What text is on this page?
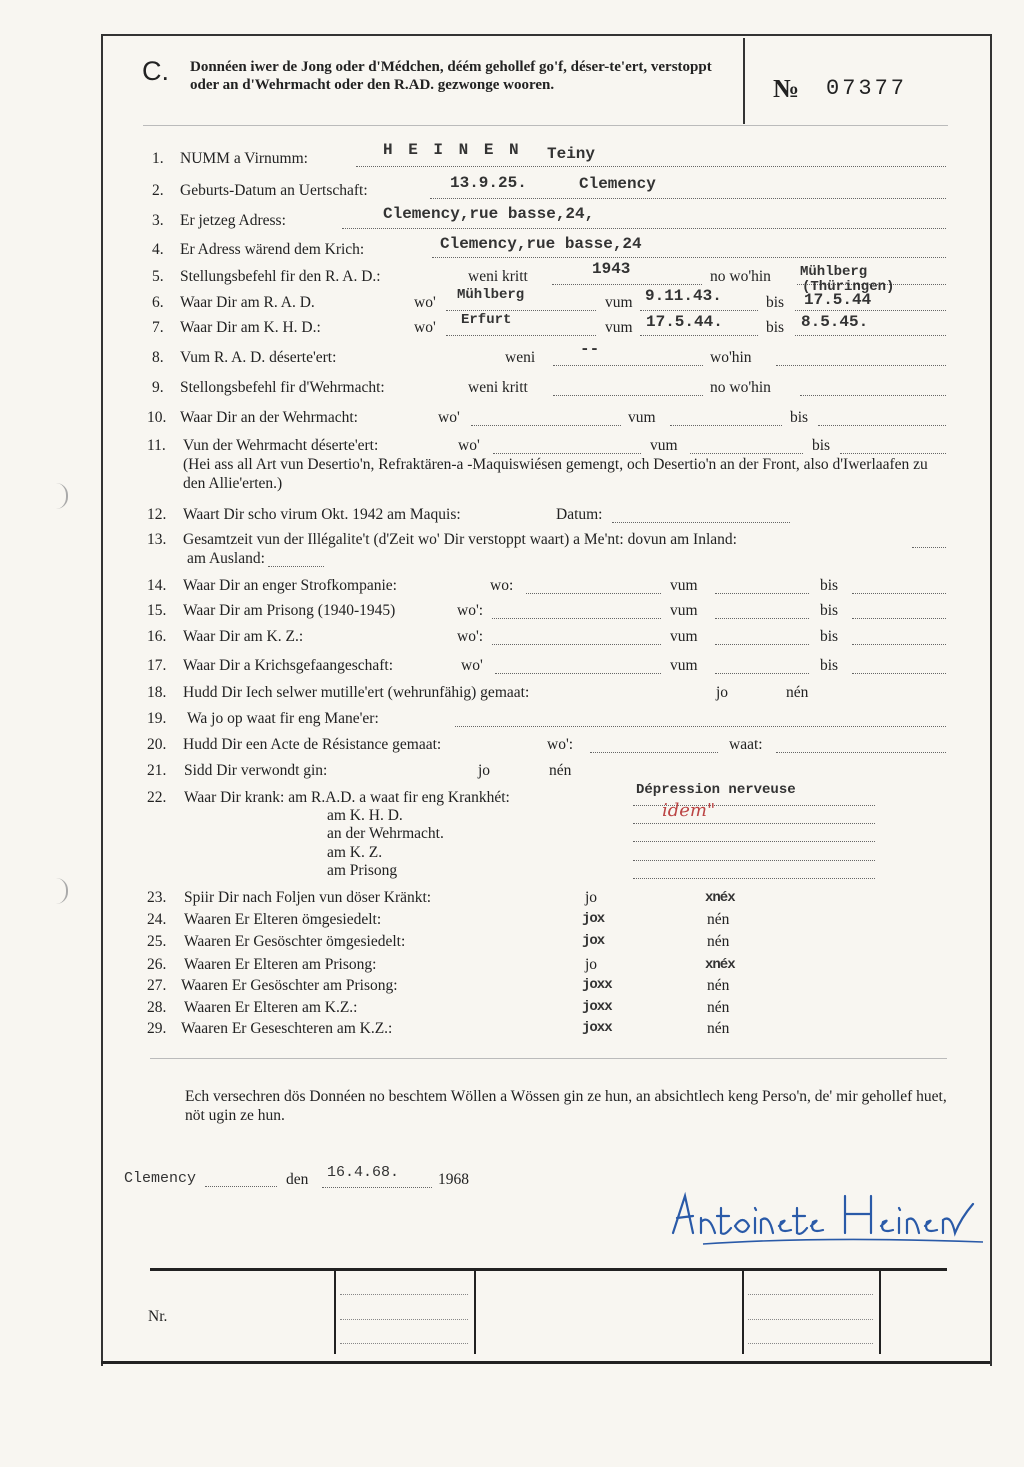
C. Donnéen iwer de Jong oder d'Médchen, déém gehollef go'f, déser-te'ert, verstoppt oder an d'Wehrmacht oder den R.AD. gezwonge wooren.	№ 07377
1. NUMM a Virnumm:	H E I N E N Teiny
2. Geburts-Datum an Uertschaft:	13.9.25.	Clemency
3. Er jetzeg Adress:	Clemency,rue basse,24,
4. Er Adress wärend dem Krich:	Clemency,rue basse,24
5. Stellungsbefehl fir den R. A. D.:	weni kritt	1943	no wo'hin Mühlberg
(Thüringen)
6. Waar Dir am R. A. D.	wo' Mühlberg	vum 9.11.43.	bis 17.5.44
7. Waar Dir am K. H. D.:	wo' Erfurt	vum 17.5.44.	bis 8.5.45.
8. Vum R. A. D. déserte'ert:	weni	--	wo'hin
9. Stellongsbefehl fir d'Wehrmacht:	weni kritt	no wo'hin
10. Waar Dir an der Wehrmacht:	wo'	vum	bis
11. Vun der Wehrmacht déserte'ert:	wo'	vum	bis
(Hei ass all Art vun Desertio'n, Refraktären-a -Maquiswiésen gemengt, och Desertio'n an der Front, also d'Iwerlaafen zu den Allie'erten.)
12. Waart Dir scho virum Okt. 1942 am Maquis:	Datum:
13. Gesamtzeit vun der Illégalite't (d'Zeit wo' Dir verstoppt waart) a Me'nt: dovun am Inland:
am Ausland:
14. Waar Dir an enger Strofkompanie:	wo:	vum	bis
15. Waar Dir am Prisong (1940-1945)	wo':	vum	bis
16. Waar Dir am K. Z.:	wo':	vum	bis
17. Waar Dir a Krichsgefaangeschaft:	wo'	vum	bis
18. Hudd Dir Iech selwer mutille'ert (wehrunfähig) gemaat:	jo	nén
19. Wa jo op waat fir eng Mane'er:
20. Hudd Dir een Acte de Résistance gemaat:	wo':	waat:
21. Sidd Dir verwondt gin:	jo	nén
22. Waar Dir krank: am R.A.D. a waat fir eng Krankhét:	Dépression nerveuse
am K. H. D.	idem"
an der Wehrmacht.
am K. Z.
am Prisong
23. Spiir Dir nach Foljen vun döser Kränkt:	jo	xnéx
24. Waaren Er Elteren ömgesiedelt:	jox	nén
25. Waaren Er Gesöschter ömgesiedelt:	jox	nén
26. Waaren Er Elteren am Prisong:	jo	xnéx
27. Waaren Er Gesöschter am Prisong:	joxx	nén
28. Waaren Er Elteren am K.Z.:	joxx	nén
29. Waaren Er Geseschteren am K.Z.:	joxx	nén
Ech versechren dös Donnéen no beschtem Wöllen a Wössen gin ze hun, an absichtlech keng Perso'n, de' mir gehollef huet, nöt ugin ze hun.
Clemency	den 16.4.68.	1968
Nr.
